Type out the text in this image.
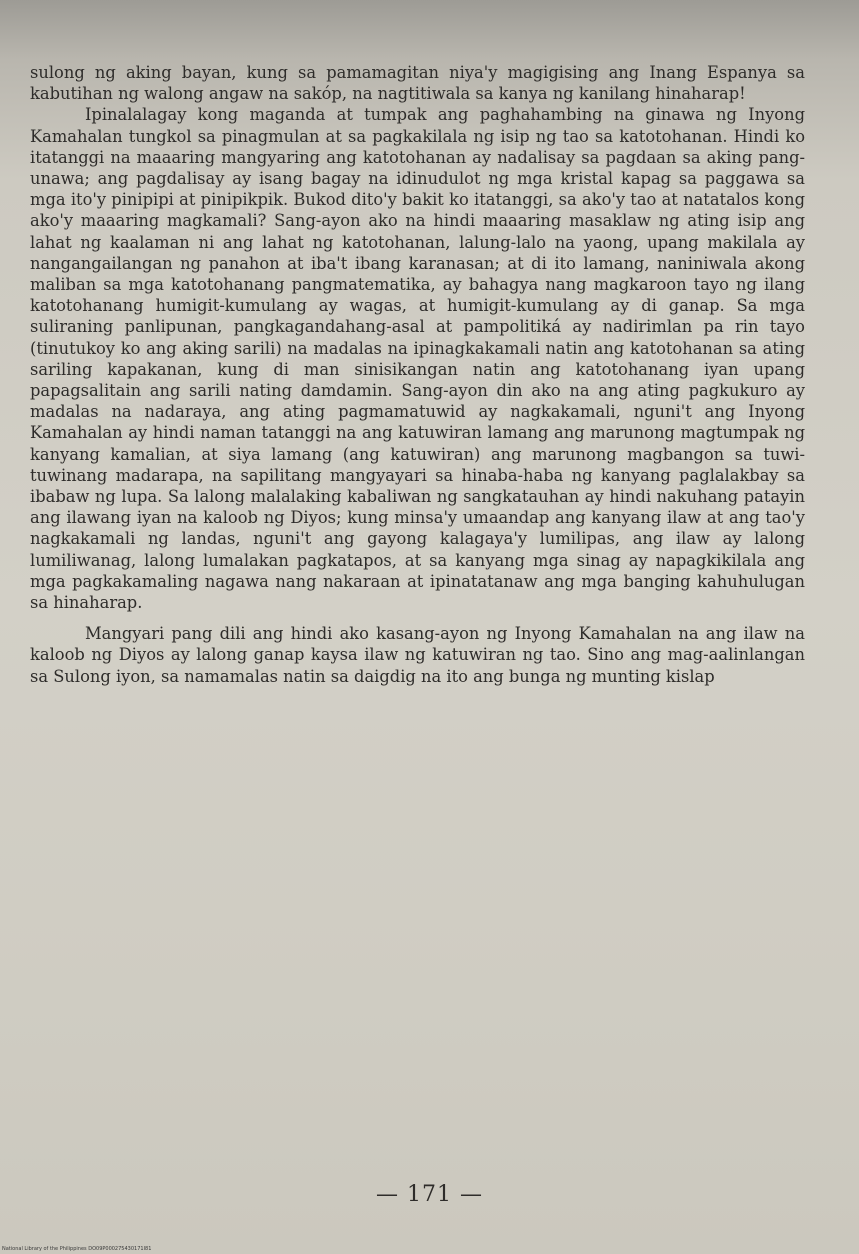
sulong ng aking bayan, kung sa pamamagitan niya'y magigising ang Inang Espanya sa kabutihan ng walong angaw na sakóp, na nagtitiwala sa kanya ng kanilang hinaharap!

Ipinalalagay kong maganda at tumpak ang paghahambing na ginawa ng Inyong Kamahalan tungkol sa pinagmulan at sa pagkakilala ng isip ng tao sa katotohanan. Hindi ko itatanggi na maaaring mangyaring ang katotohanan ay nadalisay sa pagdaan sa aking pang-unawa; ang pagdalisay ay isang bagay na idinudulot ng mga kristal kapag sa paggawa sa mga ito'y pinipipi at pinipikpik. Bukod dito'y bakit ko itatanggi, sa ako'y tao at natatalos kong ako'y maaaring magkamali? Sang-ayon ako na hindi maaaring masaklaw ng ating isip ang lahat ng kaalaman ni ang lahat ng katotohanan, lalung-lalo na yaong, upang makilala ay nangangailangan ng panahon at iba't ibang karanasan; at di ito lamang, naniniwala akong maliban sa mga katotohanang pangmatematika, ay bahagya nang magkaroon tayo ng ilang katotohanang humigit-kumulang ay wagas, at humigit-kumulang ay di ganap. Sa mga suliraning panlipunan, pangkagandahang-asal at pampolitiká ay nadirimlan pa rin tayo (tinutukoy ko ang aking sarili) na madalas na ipinagkakamali natin ang katotohanan sa ating sariling kapakanan, kung di man sinisikangan natin ang katotohanang iyan upang papagsalitain ang sarili nating damdamin. Sang-ayon din ako na ang ating pagkukuro ay madalas na nadaraya, ang ating pagmamatuwid ay nagkakamali, nguni't ang Inyong Kamahalan ay hindi naman tatanggi na ang katuwiran lamang ang marunong magtumpak ng kanyang kamalian, at siya lamang (ang katuwiran) ang marunong magbangon sa tuwi-tuwinang madarapa, na sapilitang mangyayari sa hinaba-haba ng kanyang paglalakbay sa ibabaw ng lupa. Sa lalong malalaking kabaliwan ng sangkatauhan ay hindi nakuhang patayin ang ilawang iyan na kaloob ng Diyos; kung minsa'y umaandap ang kanyang ilaw at ang tao'y nagkakamali ng landas, nguni't ang gayong kalagaya'y lumilipas, ang ilaw ay lalong lumiliwanag, lalong lumalakan pagkatapos, at sa kanyang mga sinag ay napagkikilala ang mga pagkakamaling nagawa nang nakaraan at ipinatatanaw ang mga banging kahuhulugan sa hinaharap.

Mangyari pang dili ang hindi ako kasang-ayon ng Inyong Kamahalan na ang ilaw na kaloob ng Diyos ay lalong ganap kaysa ilaw ng katuwiran ng tao. Sino ang mag-aalinlangan sa Sulong iyon, sa namamalas natin sa daigdig na ito ang bunga ng munting kislap

— 171 —
National Library of the Philippines DO09P000275430171I81
